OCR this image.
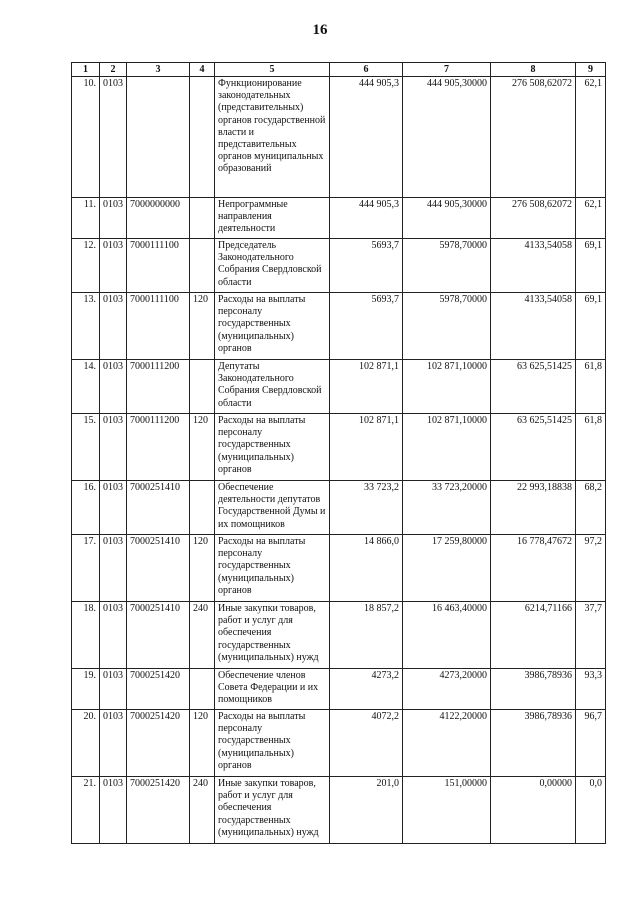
16
1	2	3	4	5	6	7	8	9
10.	0103			Функционирование законодательных (представительных) органов государственной власти и представительных органов муниципальных образований	444 905,3	444 905,30000	276 508,62072	62,1
11.	0103	7000000000		Непрограммные направления деятельности	444 905,3	444 905,30000	276 508,62072	62,1
12.	0103	7000111100		Председатель Законодательного Собрания Свердловской области	5693,7	5978,70000	4133,54058	69,1
13.	0103	7000111100	120	Расходы на выплаты персоналу государственных (муниципальных) органов	5693,7	5978,70000	4133,54058	69,1
14.	0103	7000111200		Депутаты Законодательного Собрания Свердловской области	102 871,1	102 871,10000	63 625,51425	61,8
15.	0103	7000111200	120	Расходы на выплаты персоналу государственных (муниципальных) органов	102 871,1	102 871,10000	63 625,51425	61,8
16.	0103	7000251410		Обеспечение деятельности депутатов Государственной Думы и их помощников	33 723,2	33 723,20000	22 993,18838	68,2
17.	0103	7000251410	120	Расходы на выплаты персоналу государственных (муниципальных) органов	14 866,0	17 259,80000	16 778,47672	97,2
18.	0103	7000251410	240	Иные закупки товаров, работ и услуг для обеспечения государственных (муниципальных) нужд	18 857,2	16 463,40000	6214,71166	37,7
19.	0103	7000251420		Обеспечение членов Совета Федерации и их помощников	4273,2	4273,20000	3986,78936	93,3
20.	0103	7000251420	120	Расходы на выплаты персоналу государственных (муниципальных) органов	4072,2	4122,20000	3986,78936	96,7
21.	0103	7000251420	240	Иные закупки товаров, работ и услуг для обеспечения государственных (муниципальных) нужд	201,0	151,00000	0,00000	0,0
